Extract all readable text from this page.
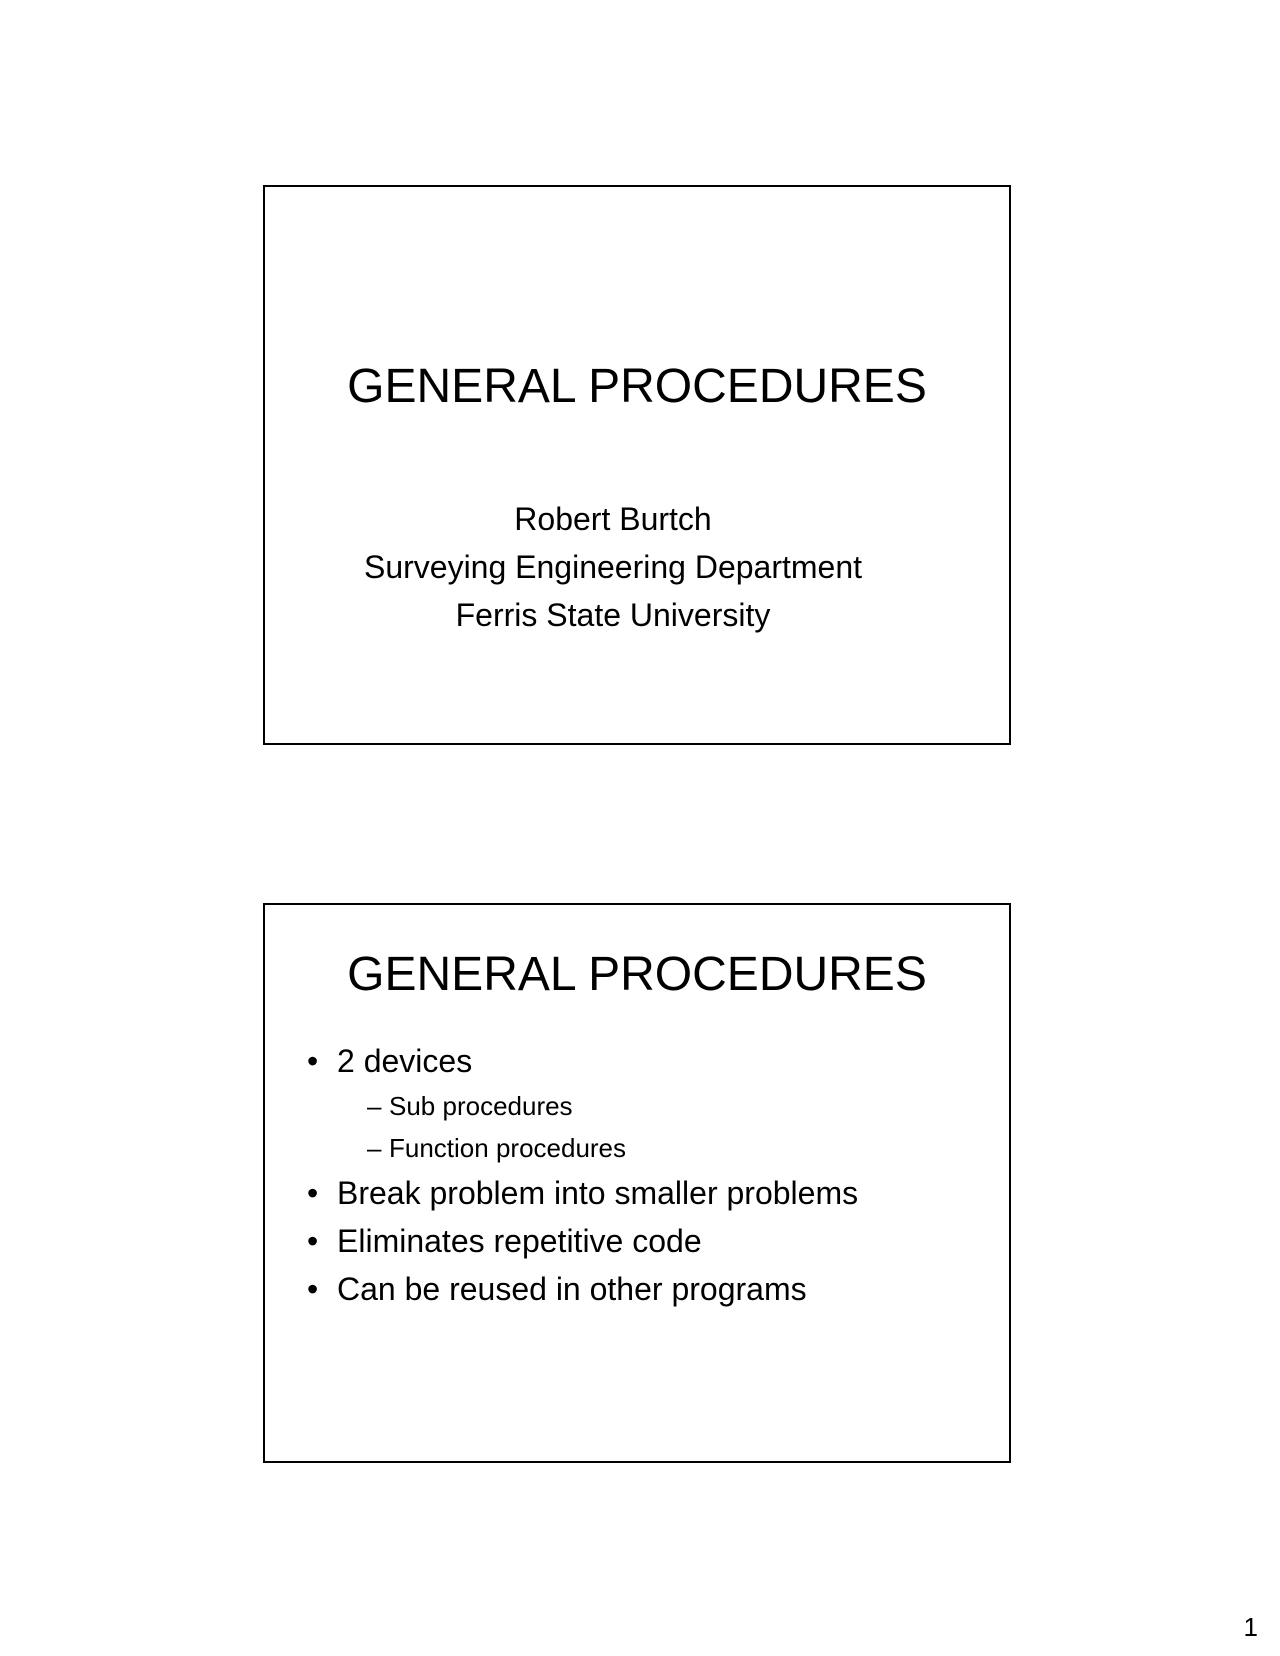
GENERAL PROCEDURES
Robert Burtch
Surveying Engineering Department
Ferris State University
GENERAL PROCEDURES
• 2 devices
– Sub procedures
– Function procedures
• Break problem into smaller problems
• Eliminates repetitive code
• Can be reused in other programs
1
